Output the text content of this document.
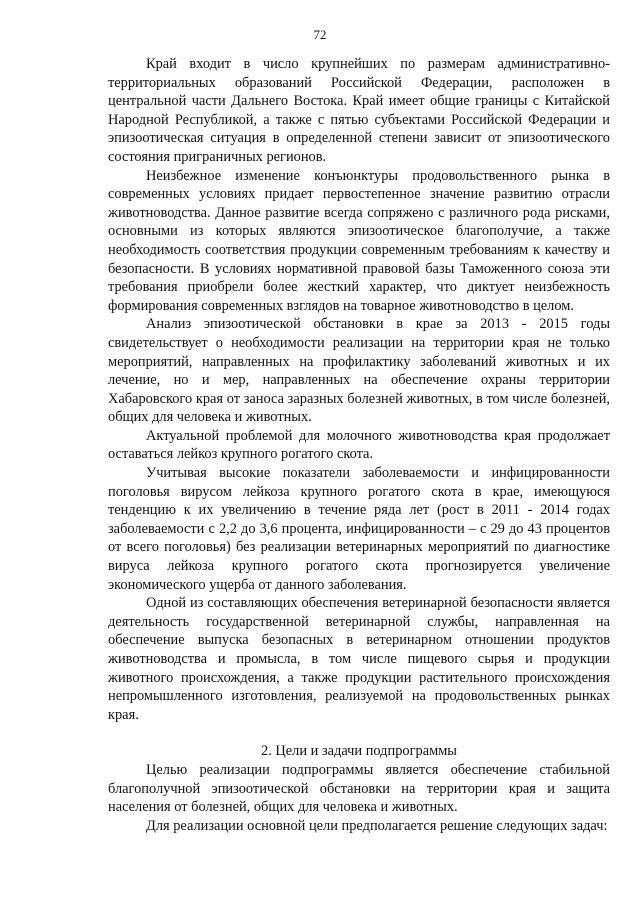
72

Край входит в число крупнейших по размерам административно-территориальных образований Российской Федерации, расположен в центральной части Дальнего Востока. Край имеет общие границы с Китайской Народной Республикой, а также с пятью субъектами Российской Федерации и эпизоотическая ситуация в определенной степени зависит от эпизоотического состояния приграничных регионов.

Неизбежное изменение конъюнктуры продовольственного рынка в современных условиях придает первостепенное значение развитию отрасли животноводства. Данное развитие всегда сопряжено с различного рода рисками, основными из которых являются эпизоотическое благополучие, а также необходимость соответствия продукции современным требованиям к качеству и безопасности. В условиях нормативной правовой базы Таможенного союза эти требования приобрели более жесткий характер, что диктует неизбежность формирования современных взглядов на товарное животноводство в целом.

Анализ эпизоотической обстановки в крае за 2013 - 2015 годы свидетельствует о необходимости реализации на территории края не только мероприятий, направленных на профилактику заболеваний животных и их лечение, но и мер, направленных на обеспечение охраны территории Хабаровского края от заноса заразных болезней животных, в том числе болезней, общих для человека и животных.

Актуальной проблемой для молочного животноводства края продолжает оставаться лейкоз крупного рогатого скота.

Учитывая высокие показатели заболеваемости и инфицированности поголовья вирусом лейкоза крупного рогатого скота в крае, имеющуюся тенденцию к их увеличению в течение ряда лет (рост в 2011 - 2014 годах заболеваемости с 2,2 до 3,6 процента, инфицированности – с 29 до 43 процентов от всего поголовья) без реализации ветеринарных мероприятий по диагностике вируса лейкоза крупного рогатого скота прогнозируется увеличение экономического ущерба от данного заболевания.

Одной из составляющих обеспечения ветеринарной безопасности является деятельность государственной ветеринарной службы, направленная на обеспечение выпуска безопасных в ветеринарном отношении продуктов животноводства и промысла, в том числе пищевого сырья и продукции животного происхождения, а также продукции растительного происхождения непромышленного изготовления, реализуемой на продовольственных рынках края.

2. Цели и задачи подпрограммы

Целью реализации подпрограммы является обеспечение стабильной благополучной эпизоотической обстановки на территории края и защита населения от болезней, общих для человека и животных.

Для реализации основной цели предполагается решение следующих задач:
